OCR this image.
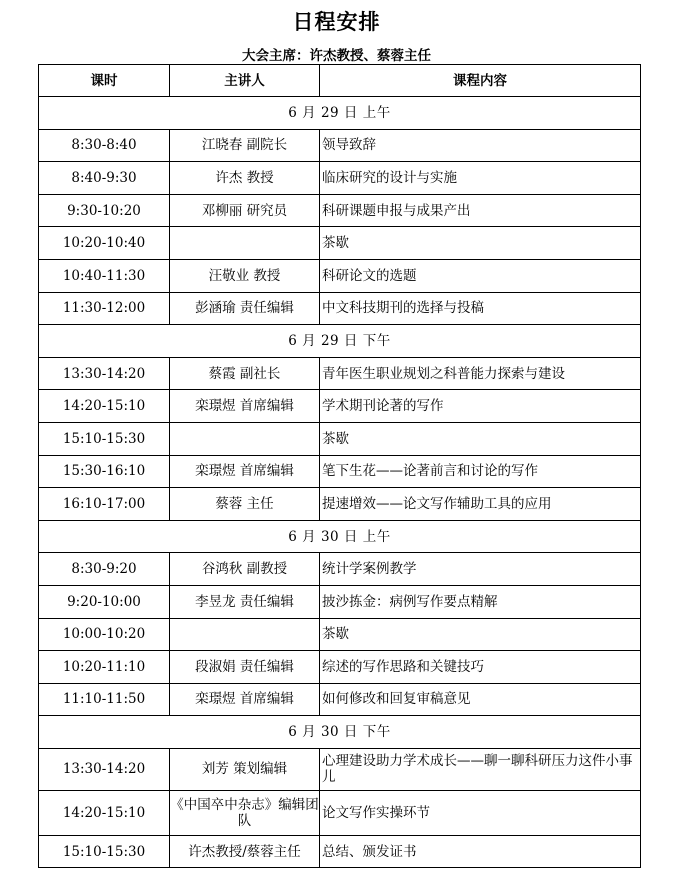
日程安排
大会主席：许杰教授、蔡蓉主任
课时	主讲人	课程内容
6 月 29 日 上午		
8:30-8:40	江晓春 副院长	领导致辞
8:40-9:30	许杰 教授	临床研究的设计与实施
9:30-10:20	邓柳丽 研究员	科研课题申报与成果产出
10:20-10:40		茶歇
10:40-11:30	汪敬业 教授	科研论文的选题
11:30-12:00	彭涵瑜 责任编辑	中文科技期刊的选择与投稿
6 月 29 日 下午		
13:30-14:20	蔡霞 副社长	青年医生职业规划之科普能力探索与建设
14:20-15:10	栾璟煜 首席编辑	学术期刊论著的写作
15:10-15:30		茶歇
15:30-16:10	栾璟煜 首席编辑	笔下生花——论著前言和讨论的写作
16:10-17:00	蔡蓉 主任	提速增效——论文写作辅助工具的应用
6 月 30 日 上午		
8:30-9:20	谷鸿秋 副教授	统计学案例教学
9:20-10:00	李昱龙 责任编辑	披沙拣金：病例写作要点精解
10:00-10:20		茶歇
10:20-11:10	段淑娟 责任编辑	综述的写作思路和关键技巧
11:10-11:50	栾璟煜 首席编辑	如何修改和回复审稿意见
6 月 30 日 下午		
13:30-14:20	刘芳 策划编辑	心理建设助力学术成长——聊一聊科研压力这件小事儿
14:20-15:10	《中国卒中杂志》编辑团队	论文写作实操环节
15:10-15:30	许杰教授/蔡蓉主任	总结、颁发证书
